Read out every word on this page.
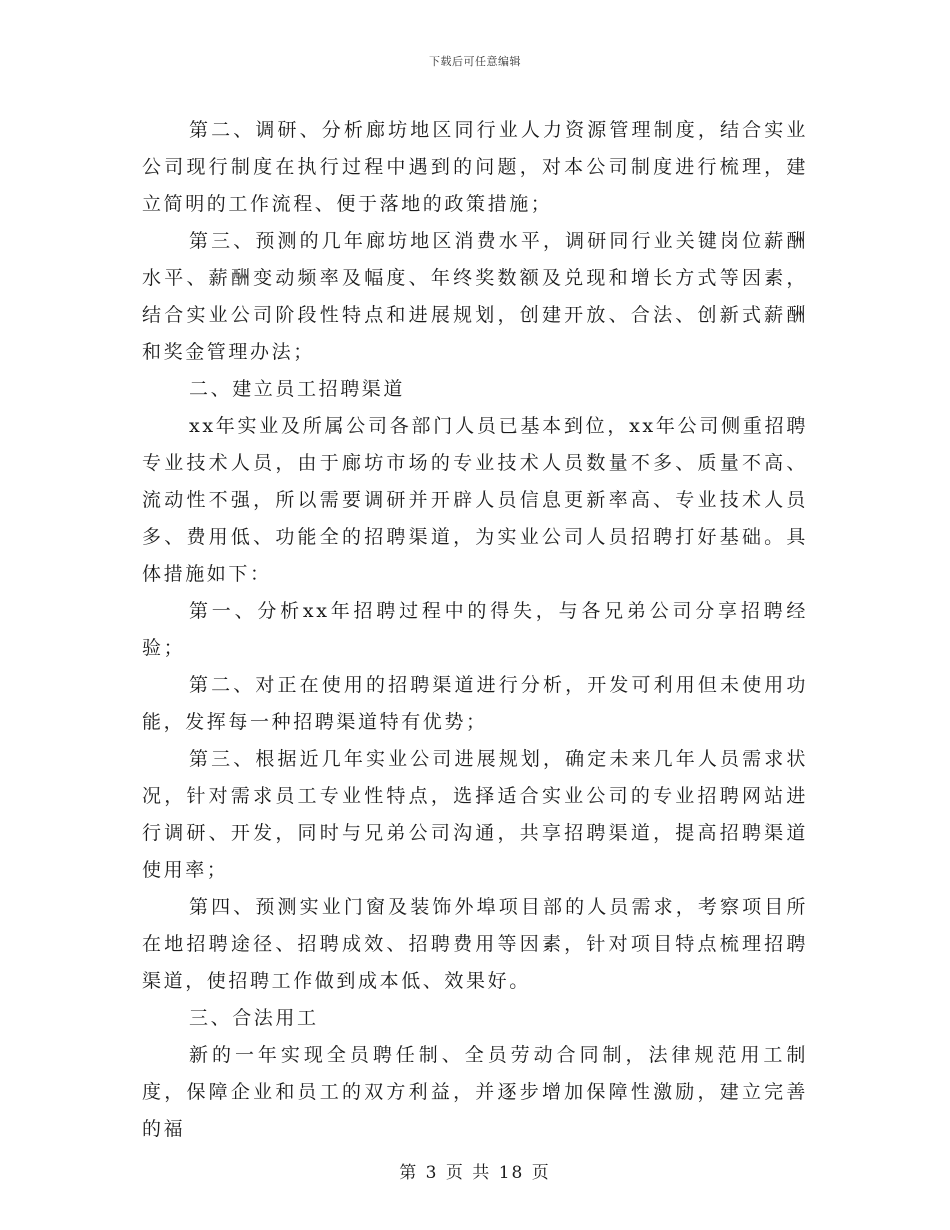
下载后可任意编辑

第二、调研、分析廊坊地区同行业人力资源管理制度，结合实业公司现行制度在执行过程中遇到的问题，对本公司制度进行梳理，建立简明的工作流程、便于落地的政策措施；

第三、预测的几年廊坊地区消费水平，调研同行业关键岗位薪酬水平、薪酬变动频率及幅度、年终奖数额及兑现和增长方式等因素，结合实业公司阶段性特点和进展规划，创建开放、合法、创新式薪酬和奖金管理办法；

二、建立员工招聘渠道

xx年实业及所属公司各部门人员已基本到位，xx年公司侧重招聘专业技术人员，由于廊坊市场的专业技术人员数量不多、质量不高、流动性不强，所以需要调研并开辟人员信息更新率高、专业技术人员多、费用低、功能全的招聘渠道，为实业公司人员招聘打好基础。具体措施如下：

第一、分析xx年招聘过程中的得失，与各兄弟公司分享招聘经验；

第二、对正在使用的招聘渠道进行分析，开发可利用但未使用功能，发挥每一种招聘渠道特有优势；

第三、根据近几年实业公司进展规划，确定未来几年人员需求状况，针对需求员工专业性特点，选择适合实业公司的专业招聘网站进行调研、开发，同时与兄弟公司沟通，共享招聘渠道，提高招聘渠道使用率；

第四、预测实业门窗及装饰外埠项目部的人员需求，考察项目所在地招聘途径、招聘成效、招聘费用等因素，针对项目特点梳理招聘渠道，使招聘工作做到成本低、效果好。

三、合法用工

新的一年实现全员聘任制、全员劳动合同制，法律规范用工制度，保障企业和员工的双方利益，并逐步增加保障性激励，建立完善的福

第 3 页 共 18 页
